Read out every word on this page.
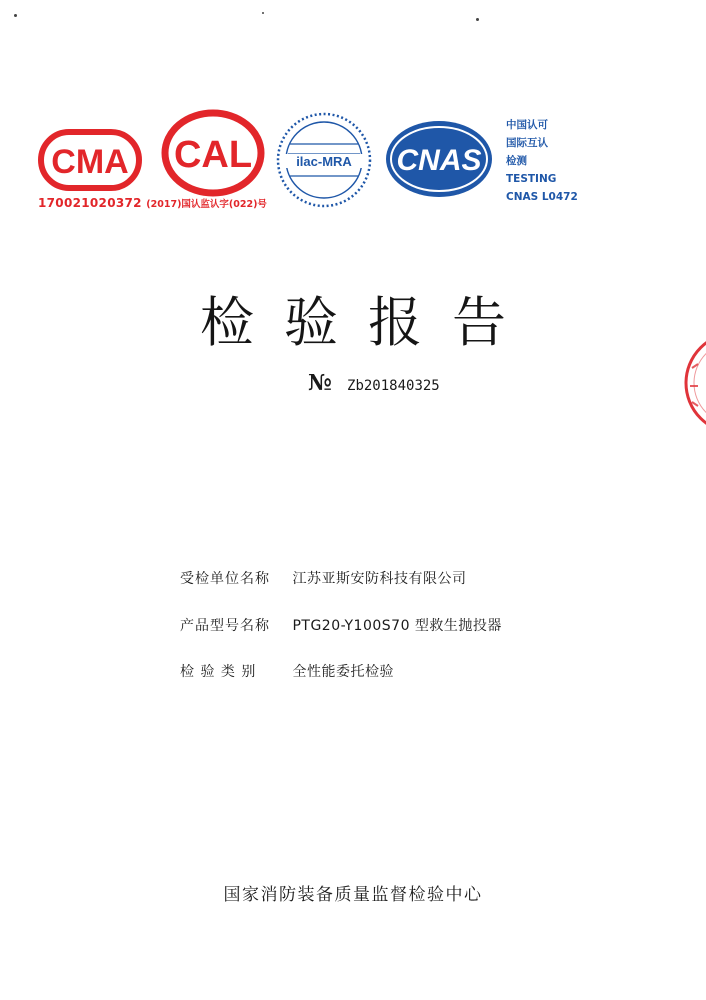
CMA CAL	ilac-MRA CNAS
中国认可
国际互认
检测
TESTING
CNAS L0472
170021020372 (2017)国认监认字(022)号
检验报告
№ Zb201840325
受检单位名称 江苏亚斯安防科技有限公司
产品型号名称 PTG20-Y100S70 型救生抛投器
检 验 类 别	全性能委托检验
国家消防装备质量监督检验中心
